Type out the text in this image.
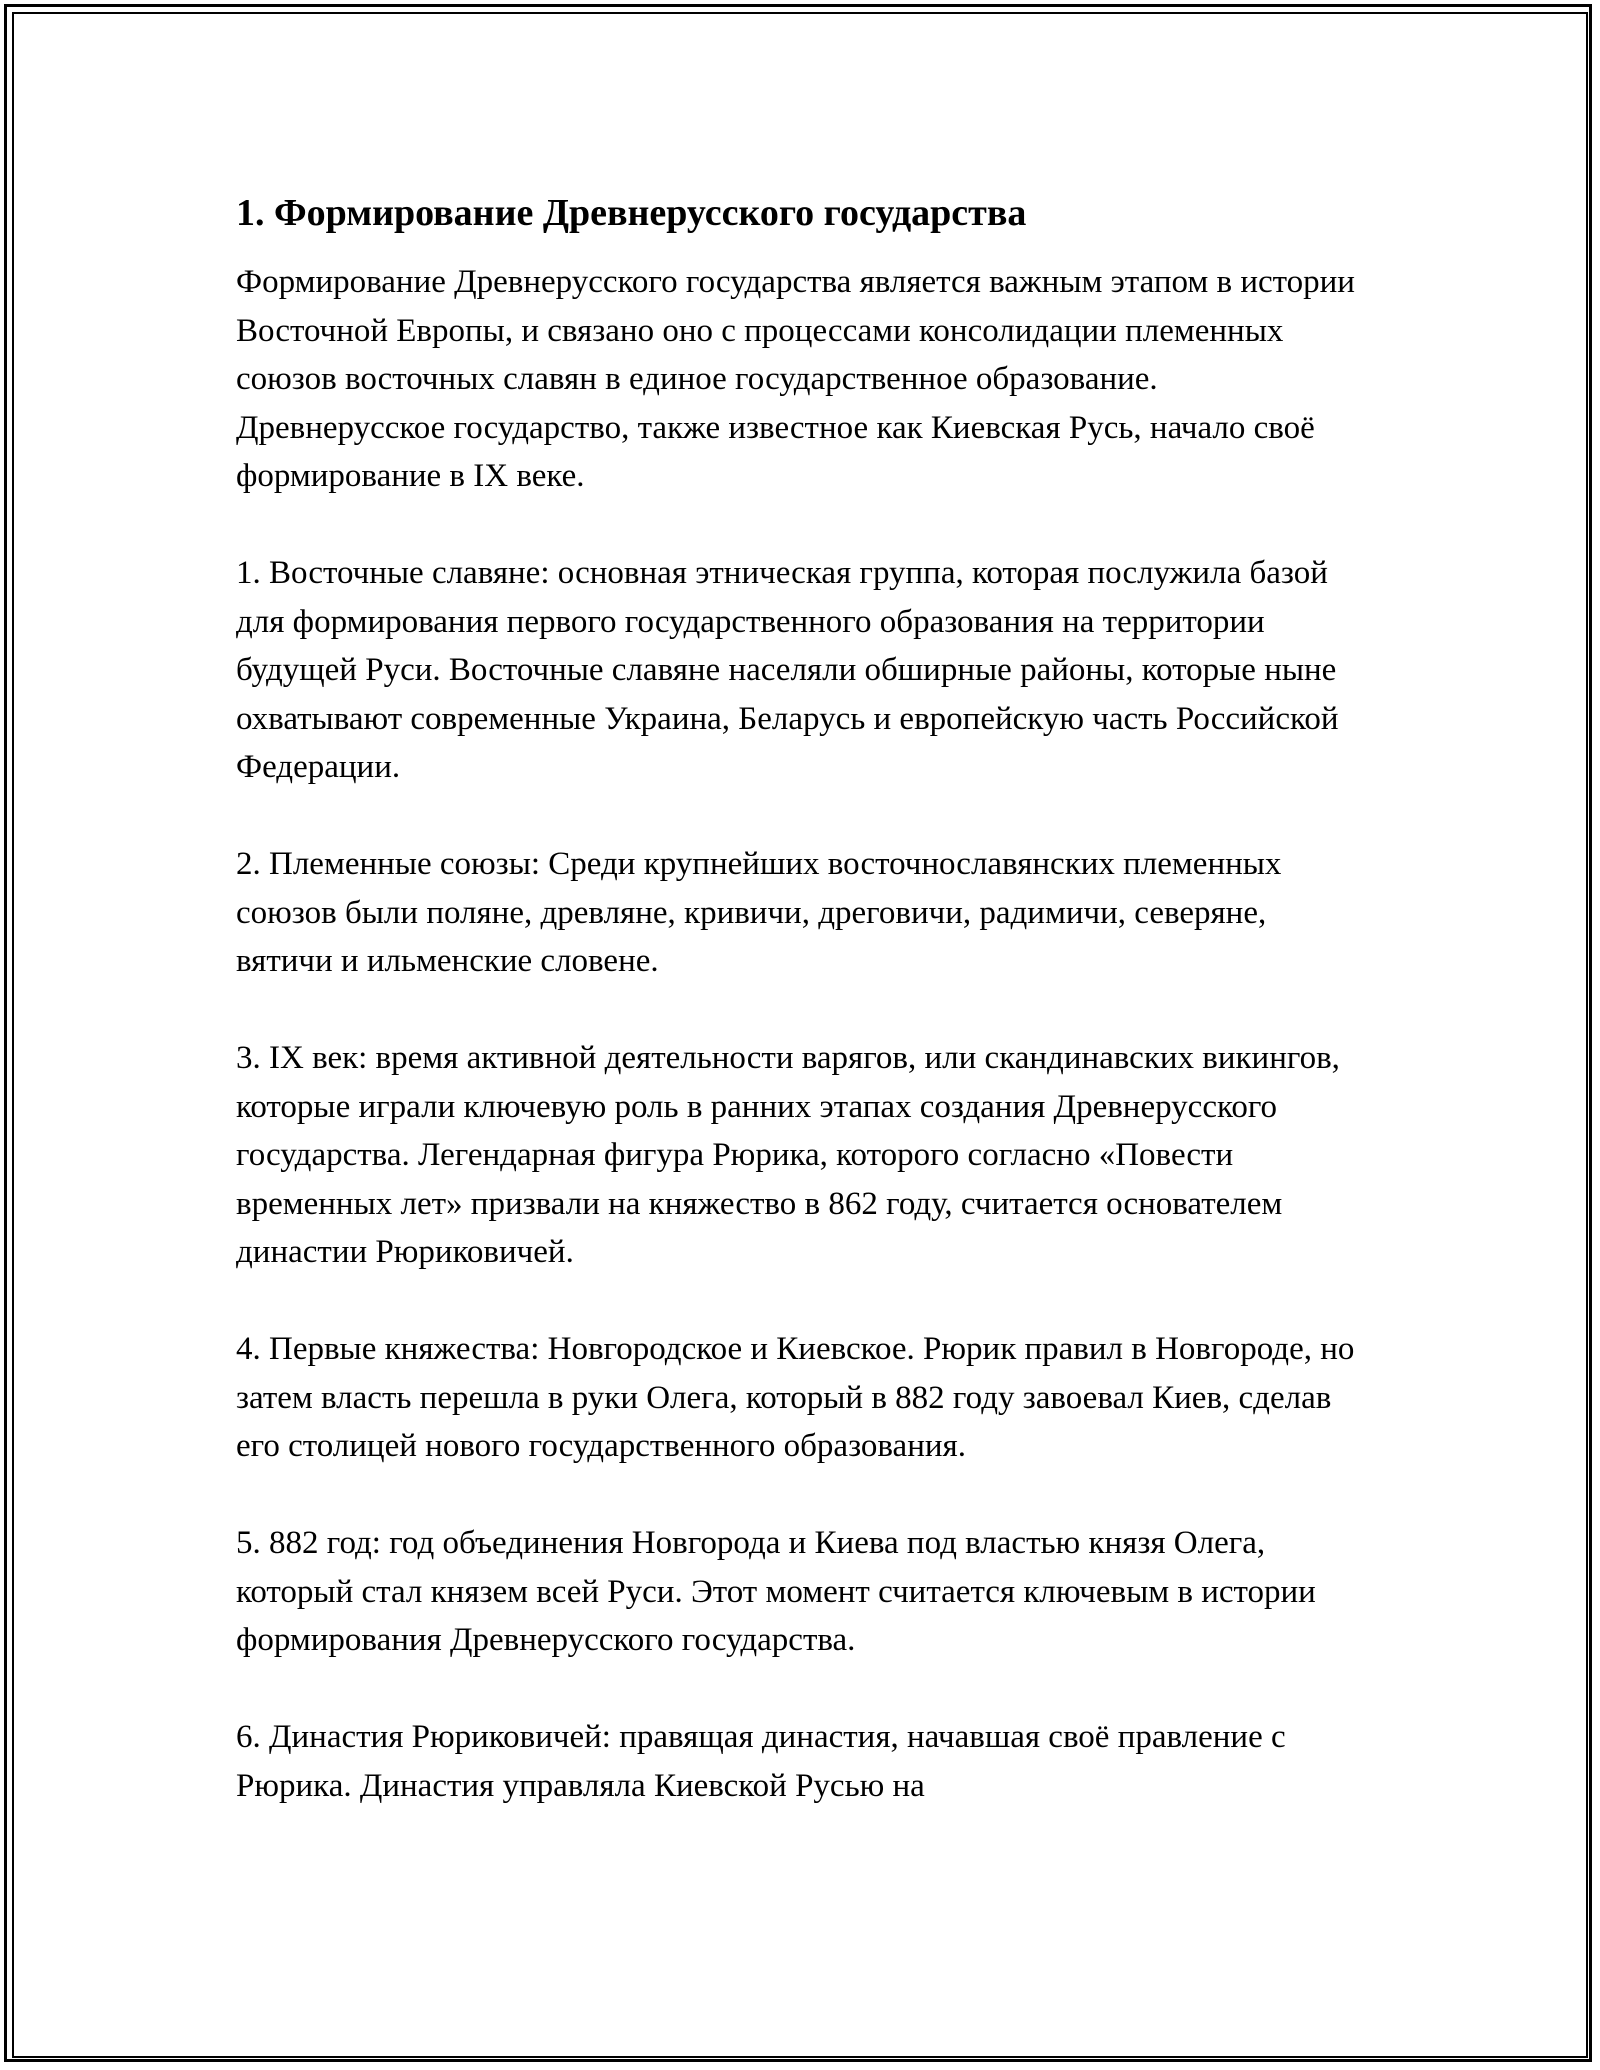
1. Формирование Древнерусского государства

Формирование Древнерусского государства является важным этапом в истории Восточной Европы, и связано оно с процессами консолидации племенных союзов восточных славян в единое государственное образование. Древнерусское государство, также известное как Киевская Русь, начало своё формирование в IX веке.

1. Восточные славяне: основная этническая группа, которая послужила базой для формирования первого государственного образования на территории будущей Руси. Восточные славяне населяли обширные районы, которые ныне охватывают современные Украина, Беларусь и европейскую часть Российской Федерации.

2. Племенные союзы: Среди крупнейших восточнославянских племенных союзов были поляне, древляне, кривичи, дреговичи, радимичи, северяне, вятичи и ильменские словене.

3. IX век: время активной деятельности варягов, или скандинавских викингов, которые играли ключевую роль в ранних этапах создания Древнерусского государства. Легендарная фигура Рюрика, которого согласно «Повести временных лет» призвали на княжество в 862 году, считается основателем династии Рюриковичей.

4. Первые княжества: Новгородское и Киевское. Рюрик правил в Новгороде, но затем власть перешла в руки Олега, который в 882 году завоевал Киев, сделав его столицей нового государственного образования.

5. 882 год: год объединения Новгорода и Киева под властью князя Олега, который стал князем всей Руси. Этот момент считается ключевым в истории формирования Древнерусского государства.

6. Династия Рюриковичей: правящая династия, начавшая своё правление с Рюрика. Династия управляла Киевской Русью на
